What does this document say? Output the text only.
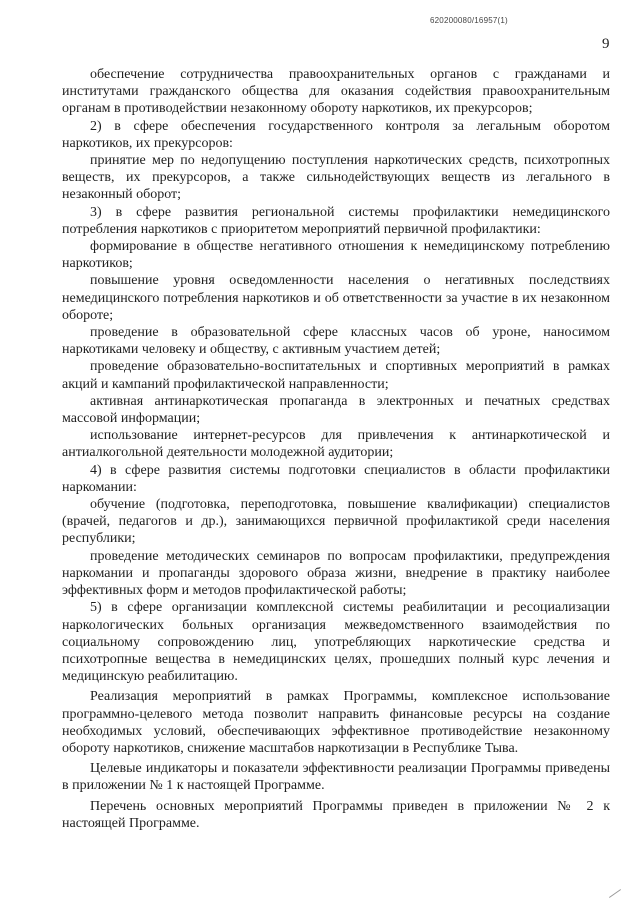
620200080/16957(1)
9

обеспечение сотрудничества правоохранительных органов с гражданами и институтами гражданского общества для оказания содействия правоохранительным органам в противодействии незаконному обороту наркотиков, их прекурсоров;

2) в сфере обеспечения государственного контроля за легальным оборотом наркотиков, их прекурсоров:

принятие мер по недопущению поступления наркотических средств, психотропных веществ, их прекурсоров, а также сильнодействующих веществ из легального в незаконный оборот;

3) в сфере развития региональной системы профилактики немедицинского потребления наркотиков с приоритетом мероприятий первичной профилактики:

формирование в обществе негативного отношения к немедицинскому потреблению наркотиков;

повышение уровня осведомленности населения о негативных последствиях немедицинского потребления наркотиков и об ответственности за участие в их незаконном обороте;

проведение в образовательной сфере классных часов об уроне, наносимом наркотиками человеку и обществу, с активным участием детей;

проведение образовательно-воспитательных и спортивных мероприятий в рамках акций и кампаний профилактической направленности;

активная антинаркотическая пропаганда в электронных и печатных средствах массовой информации;

использование интернет-ресурсов для привлечения к антинаркотической и антиалкогольной деятельности молодежной аудитории;

4) в сфере развития системы подготовки специалистов в области профилактики наркомании:

обучение (подготовка, переподготовка, повышение квалификации) специалистов (врачей, педагогов и др.), занимающихся первичной профилактикой среди населения республики;

проведение методических семинаров по вопросам профилактики, предупреждения наркомании и пропаганды здорового образа жизни, внедрение в практику наиболее эффективных форм и методов профилактической работы;

5) в сфере организации комплексной системы реабилитации и ресоциализации наркологических больных организация межведомственного взаимодействия по социальному сопровождению лиц, употребляющих наркотические средства и психотропные вещества в немедицинских целях, прошедших полный курс лечения и медицинскую реабилитацию.

Реализация мероприятий в рамках Программы, комплексное использование программно-целевого метода позволит направить финансовые ресурсы на создание необходимых условий, обеспечивающих эффективное противодействие незаконному обороту наркотиков, снижение масштабов наркотизации в Республике Тыва.

Целевые индикаторы и показатели эффективности реализации Программы приведены в приложении № 1 к настоящей Программе.

Перечень основных мероприятий Программы приведен в приложении № 2 к настоящей Программе.
